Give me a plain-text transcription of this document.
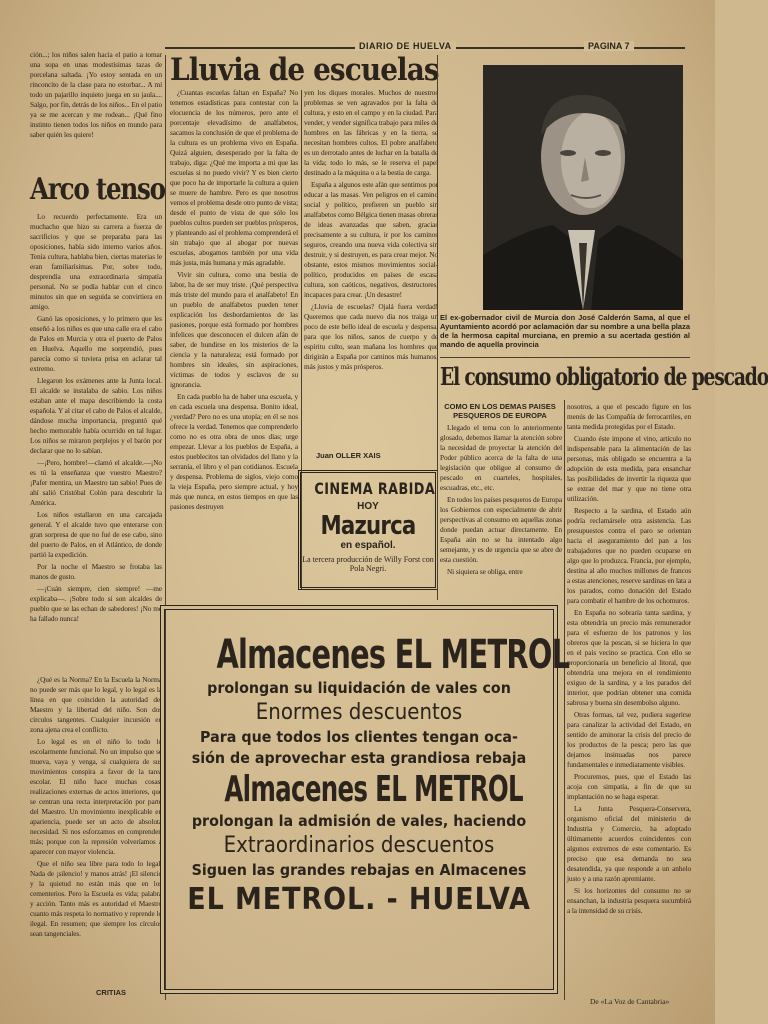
DIARIO DE HUELVA	PAGINA 7

ción...; los niños salen hacia el patio a tomar una sopa en unas modestísimas tazas de porcelana saltada. ¡Yo estoy sentada en un rinconcito de la clase para no estorbar... A mí todo un pajarillo inquieto juega en su jaula.... Salgo, por fin, detrás de los niños... En el patio ya se me acercan y me rodean... ¡Qué fino instinto tienen todos los niños en mundo para saber quién les quiere!

Arco tenso

Lo recuerdo perfectamente. Era un muchacho que hizo su carrera a fuerza de sacrificios y que se preparaba para las oposiciones, había sido interno varios años. Tenía cultura, hablaba bien, ciertas materias le eran familiarísimas. Por, sobre todo, desprendía una extraordinaria simpatía personal. No se podía hablar con el cinco minutos sin que en seguida se convirtiera en amigo.

Ganó las oposiciones, y lo primero que les enseñó a los niños es que una calle era el cabo de Palos en Murcia y otra el puerto de Palos en Huelva. Aquello me sorprendió, pues parecía como si tuviera prisa en aclarar tal extremo.

Llegaron los exámenes ante la Junta local. El alcalde se instalaba de sabio. Los niños estaban ante el mapa describiendo la costa española. Y al citar el cabo de Palos el alcalde, dándose mucha importancia, preguntó qué hecho memorable había ocurrido en tal lugar. Los niños se miraron perplejos y el barón por declarar que no lo sabían.

—¡Pero, hombre!—clamó el alcalde.—¡No es tú la enseñanza que vuestro Maestro? ¡Pafer mentira, un Maestro tan sabio! Pues de ahí salió Cristóbal Colón para descubrir la América.

Los niños estallaron en una carcajada general. Y el alcalde tuvo que enterarse con gran sorpresa de que no fué de ese cabo, sino del puerto de Palos, en el Atlántico, de donde partió la expedición.

Por la noche el Maestro se frotaba las manos de gusto.

—¡Cuán siempre, cien siempre! —me explicaba—. ¡Sobre todo si son alcaldes de pueblo que se las echan de sabedores! ¡No me ha fallado nunca!

¿Qué es la Norma? En la Escuela la Norma no puede ser más que lo legal, y lo legal es la línea en que coinciden la autoridad del Maestro y la libertad del niño. Son dos círculos tangentes. Cualquier incursión en zona ajena crea el conflicto.

Lo legal es en el niño lo todo lo escolarmente funcional. No un impulso que se mueva, vaya y venga, si cualquiera de sus movimientos conspira a favor de la tarea escolar. El niño hace muchas cosas, realizaciones externas de actos interiores, que se centran una recta interpretación por parte del Maestro. Un movimiento inexplicable en apariencia, puede ser un acto de absoluta necesidad. Si nos esforzamos en comprender, más; porque con la represión volveríamos a aparecer con mayor violencia.

Que el niño sea libre para todo lo legal. Nada de ¡silencio! y manos atrás! ¡El silencio y la quietud no están más que en los cementerios. Pero la Escuela es vida; palabra y acción. Tanto más es autoridad el Maestro cuanto más respeta lo normativo y reprende lo ilegal. En resumen; que siempre los círculos sean tangenciales.

CRITIAS
Lluvia de escuelas

¿Cuantas escuelas faltan en España? No tenemos estadísticas para contestar con la elocuencia de los números, pero ante el porcentaje elevadísimo de analfabetos, sacamos la conclusión de que el problema de la cultura es un problema vivo en España. Quizá alguien, desesperado por la falta de trabajo, diga: ¿Qué me importa a mi que las escuelas si no puedo vivir? Y es bien cierto que poco ha de importarle la cultura a quien se muere de hambre. Pero es que nosotros vemos el problema desde otro punto de vista; desde el punto de vista de que sólo los pueblos cultos pueden ser pueblos prósperos, y planteando así el problema comprenderá el sin trabajo que al abogar por nuevas escuelas, abogamos también por una vida más justa, más humana y más agradable.

Vivir sin cultura, como una bestia de labor, ha de ser muy triste. ¡Qué perspectiva más triste del mundo para el analfabeto! En un pueblo de analfabetos pueden tener explicación los desbordamientos de las pasiones, porque está formado por hombres infelices que desconocen el dulcen afán de saber, de hundirse en los misterios de la ciencia y la naturaleza; está formado por hombres sin ideales, sin aspiraciones, víctimas de todos y esclavos de su ignorancia.

En cada pueblo ha de haber una escuela, y en cada escuela una despensa. Bonito ideal, ¿verdad? Pero no es una utopía; en él se nos ofrece la verdad. Tenemos que comprenderlo como no es otra obra de unos días; urge empezar. Llevar a los pueblos de España, a estos pueblecitos tan olvidados del llano y la serranía, el libro y el pan cotidianos. Escuela y despensa. Problema de siglos, viejo como la vieja España, pero siempre actual, y hoy más que nunca, en estos tiempos en que las pasiones destruyen

yen los diques morales. Muchos de nuestros problemas se ven agravados por la falta de cultura, y esto en el campo y en la ciudad. Para vender, y vender significa trabajo para miles de hombres en las fábricas y en la tierra, se necesitan hombres cultos. El pobre analfabeto es un derrotado antes de luchar en la batalla de la vida; todo lo más, se le reserva el papel destinado a la máquina o a la bestia de carga.

España a algunos este afán que sentimos por educar a las masas. Ven peligros en el camino social y político, prefieren un pueblo sin analfabetos como Bélgica tienen masas obreras de ideas avanzadas que saben, gracias precisamente a su cultura, ir por los caminos seguros, creando una nueva vida colectiva sin destruir, y si destruyen, es para crear mejor. No obstante, estos mismos movimientos social-político, producidos en países de escasa cultura, son caóticos, negativos, destructores, incapaces para crear. ¡Un desastre!

¿Lluvia de escuelas? Ojalá fuera verdad! Queremos que cada nuevo día nos traiga un poco de este bello ideal de escuela y despensa, para que los niños, sanos de cuerpo y de espíritu culto, sean mañana los hombres que dirigirán a España por caminos más humanos, más justos y más prósperos.

Juan OLLER XAIS
CINEMA RABIDA
HOY
Mazurca
en español.
La tercera producción de Willy Forst con Pola Negri.
El ex-gobernador civil de Murcia don José Calderón Sama, al que el Ayuntamiento acordó por aclamación dar su nombre a una bella plaza de la hermosa capital murciana, en premio a su acertada gestión al mando de aquella provincia
El consumo obligatorio de pescado
COMO EN LOS DEMAS PAISES PESQUEROS DE EUROPA

Llegado el tema con lo anteriormente glosado, debemos llamar la atención sobre la necesidad de proyectar la atención del Poder público acerca de la falta de una legislación que obligue al consumo de pescado en cuarteles, hospitales, escuadras, etc., etc.

En todos los países pesqueros de Europa los Gobiernos con especialmente de abrir perspectivas al consumo en aquellas zonas donde puedan actuar directamente. En España aún no se ha intentado algo semejante, y es de urgencia que se abre de esta cuestión.

Ni siquiera se obliga, entre

nosotros, a que el pescado figure en los menús de las Compañía de ferrocarriles, en tanta medida protegidas por el Estado.

Cuando éste impone el vino, artículo no indispensable para la alimentación de las personas, más obligado se encuentra a la adopción de esta medida, para ensanchar las posibilidades de invertir la riqueza que se extrae del mar y que no tiene otra utilización.

Respecto a la sardina, el Estado aún podría reclamársele otra asistencia. Las presupuestos contra el paro se orientan hacia el aseguramiento del pan a los trabajadores que no pueden ocuparse en algo que lo produzca. Francia, por ejemplo, destina al año muchos millones de francos a estas atenciones, reserve sardinas en lata a los parados, como donación del Estado para combatir el hambre de los ochomuros.

En España no sobraría tanta sardina, y esta obtendría un precio más remunerador para el esfuerzo de los patronos y los obreros que la pescan, si se hiciera lo que en el país vecino se practica. Con ello se proporcionaría un beneficio al litoral, que obtendría una mejora en el rendimiento exiguo de la sardina, y a los parados del interior, que podrían obtener una comida sabrosa y buena sin desembolso alguno.

Otras formas, tal vez, pudiera sugerirse para canalizar la actividad del Estado, en sentido de aminorar la crisis del precio de los productos de la pesca; pero las que dejamos insinuadas nos parece fundamentales e inmediatamente visibles.

Procuremos, pues, que el Estado las acoja con simpatía, a fin de que su implantación no se haga esperar.

La Junta Pesquera-Conservera, organismo oficial del ministerio de Industria y Comercio, ha adoptado últimamente acuerdos coincidentes con algunos extremos de este comentario. Es preciso que esa demanda no sea desatendida, ya que responde a un anhelo justo y a una razón apremiante.

Si los horizontes del consumo no se ensanchan, la industria pesquera sucumbirá a la intensidad de su crisis.

De «La Voz de Cantabria»
Almacenes EL METROL
prolongan su liquidación de vales con
Enormes descuentos
Para que todos los clientes tengan oca-
sión de aprovechar esta grandiosa rebaja
Almacenes EL METROL
prolongan la admisión de vales, haciendo
Extraordinarios descuentos
Siguen las grandes rebajas en Almacenes
EL METROL. - HUELVA
